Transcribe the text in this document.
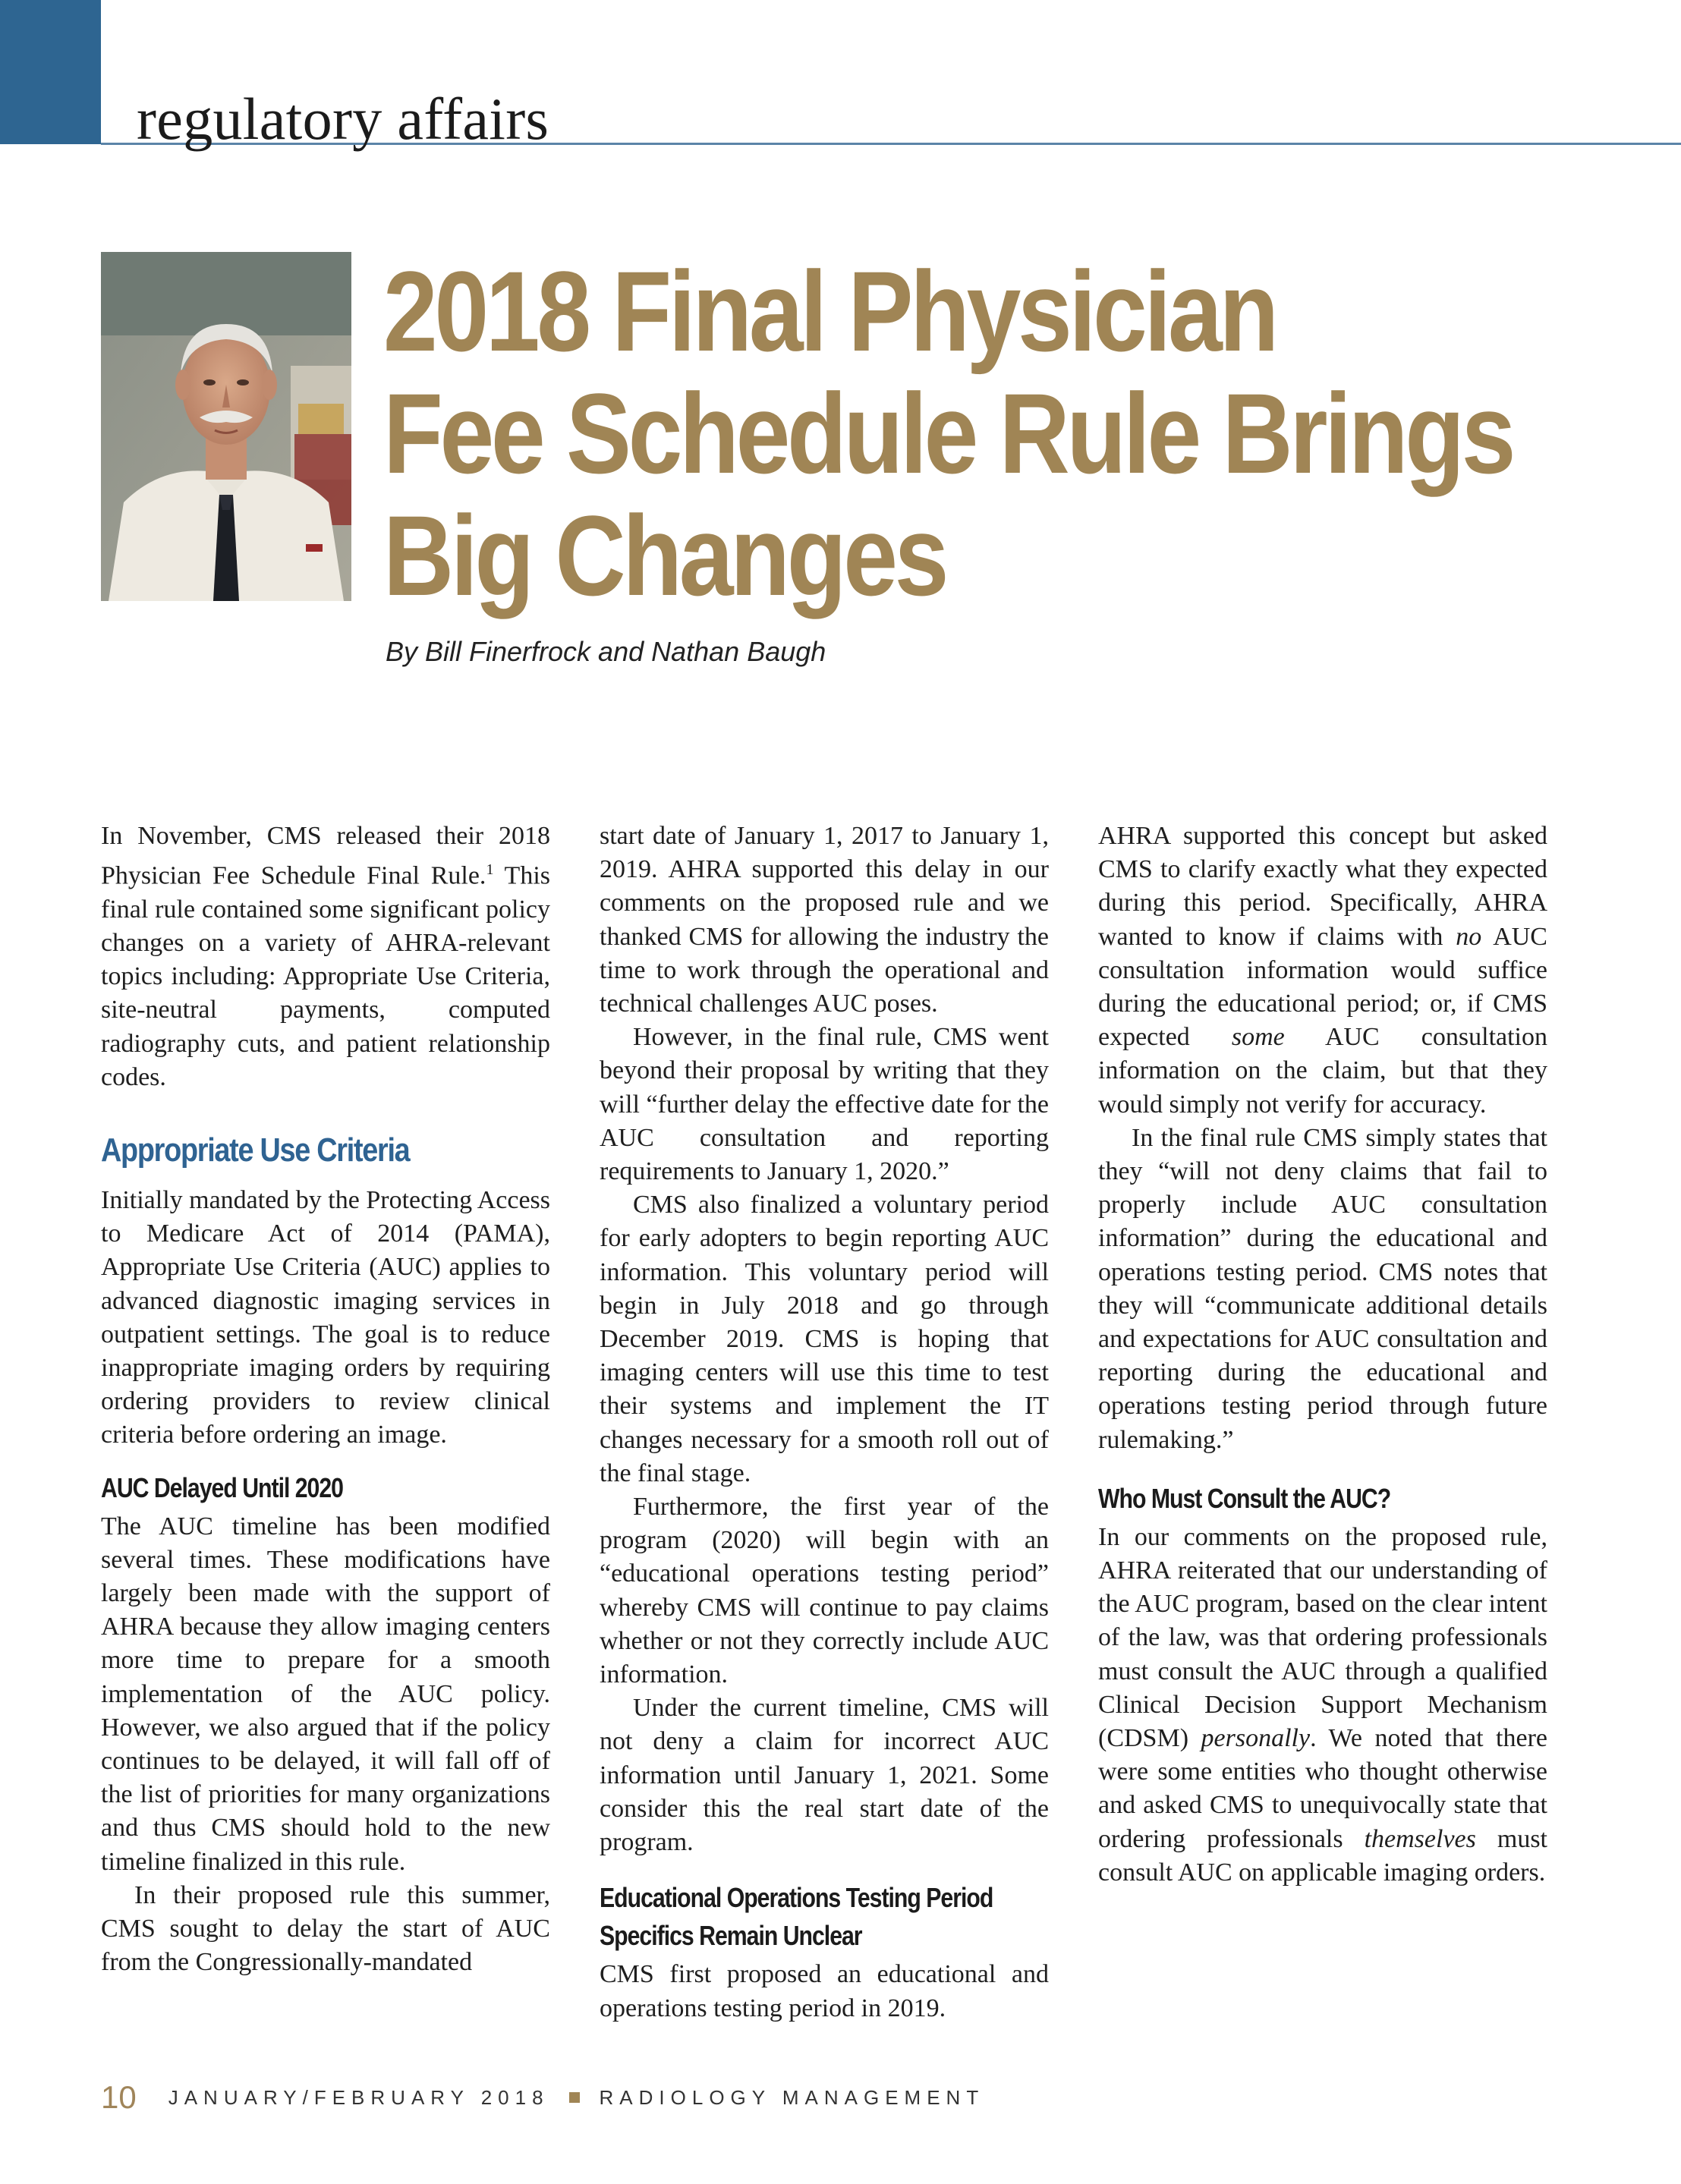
regulatory affairs
2018 Final Physician
Fee Schedule Rule Brings
Big Changes
By Bill Finerfrock and Nathan Baugh

In November, CMS released their 2018 Physician Fee Schedule Final Rule.$^1$ This final rule contained some significant policy changes on a variety of AHRA-relevant topics including: Appropriate Use Criteria, site-neutral payments, computed radiography cuts, and patient relationship codes.

Appropriate Use Criteria

Initially mandated by the Protecting Access to Medicare Act of 2014 (PAMA), Appropriate Use Criteria (AUC) applies to advanced diagnostic imaging services in outpatient settings. The goal is to reduce inappropriate imaging orders by requiring ordering providers to review clinical criteria before ordering an image.

AUC Delayed Until 2020

The AUC timeline has been modified several times. These modifications have largely been made with the support of AHRA because they allow imaging centers more time to prepare for a smooth implementation of the AUC policy. However, we also argued that if the policy continues to be delayed, it will fall off of the list of priorities for many organizations and thus CMS should hold to the new timeline finalized in this rule.

In their proposed rule this summer, CMS sought to delay the start of AUC from the Congressionally-mandated

start date of January 1, 2017 to January 1, 2019. AHRA supported this delay in our comments on the proposed rule and we thanked CMS for allowing the industry the time to work through the operational and technical challenges AUC poses.

However, in the final rule, CMS went beyond their proposal by writing that they will “further delay the effective date for the AUC consultation and reporting requirements to January 1, 2020.”

CMS also finalized a voluntary period for early adopters to begin reporting AUC information. This voluntary period will begin in July 2018 and go through December 2019. CMS is hoping that imaging centers will use this time to test their systems and implement the IT changes necessary for a smooth roll out of the final stage.

Furthermore, the first year of the program (2020) will begin with an “educational operations testing period” whereby CMS will continue to pay claims whether or not they correctly include AUC information.

Under the current timeline, CMS will not deny a claim for incorrect AUC information until January 1, 2021. Some consider this the real start date of the program.

Educational Operations Testing Period
Specifics Remain Unclear

CMS first proposed an educational and operations testing period in 2019.

AHRA supported this concept but asked CMS to clarify exactly what they expected during this period. Specifically, AHRA wanted to know if claims with no AUC consultation information would suffice during the educational period; or, if CMS expected some AUC consultation information on the claim, but that they would simply not verify for accuracy.

In the final rule CMS simply states that they “will not deny claims that fail to properly include AUC consultation information” during the educational and operations testing period. CMS notes that they will “communicate additional details and expectations for AUC consultation and reporting during the educational and operations testing period through future rulemaking.”

Who Must Consult the AUC?

In our comments on the proposed rule, AHRA reiterated that our understanding of the AUC program, based on the clear intent of the law, was that ordering professionals must consult the AUC through a qualified Clinical Decision Support Mechanism (CDSM) personally. We noted that there were some entities who thought otherwise and asked CMS to unequivocally state that ordering professionals themselves must consult AUC on applicable imaging orders.

10 JANUARY/FEBRUARY 2018	RADIOLOGY MANAGEMENT
